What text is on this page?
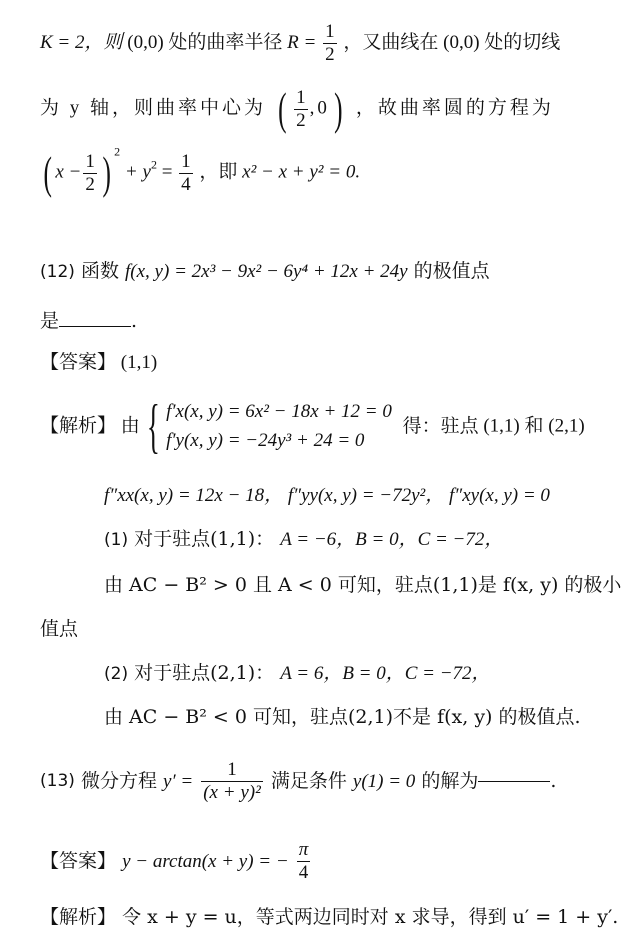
K = 2，则 (0,0) 处的曲率半径 $R = \frac{1}{2}$ ，又曲线在 (0,0) 处的切线
为 y 轴，则曲率中心为 ( $\frac{1}{2} ,0$) ，故曲率圆的方程为
( $x - \frac{1}{2}$ ) $^2 + y^2 = \frac{1}{4}$ ，即 x² − x + y² = 0.
(12) 函数 f(x, y) = 2x³ − 9x² − 6y⁴ + 12x + 24y 的极值点
是	.
【答案】 (1,1)
【解析】 由 { f′x(x, y) = 6x² − 18x + 12 = 0
f′y(x, y) = −24y³ + 24 = 0
得：驻点 (1,1) 和 (2,1)
f″xx(x, y) = 12x − 18， f″yy(x, y) = −72y²， f″xy(x, y) = 0
(1) 对于驻点(1,1)： A = −6，B = 0，C = −72，
由 AC − B² > 0 且 A < 0 可知，驻点(1,1)是 f(x, y) 的极小
值点
(2) 对于驻点(2,1)： A = 6，B = 0，C = −72，
由 AC − B² < 0 可知，驻点(2,1)不是 f(x, y) 的极值点.
(13) 微分方程 $y' = \frac{1}{\text{(x + y)²}}$ 满足条件 y(1) = 0 的解为	.
【答案】 y − arctan(x + y) = − $\frac{\pi}{4}$
【解析】 令 x + y = u，等式两边同时对 x 求导，得到 u′ = 1 + y′.
